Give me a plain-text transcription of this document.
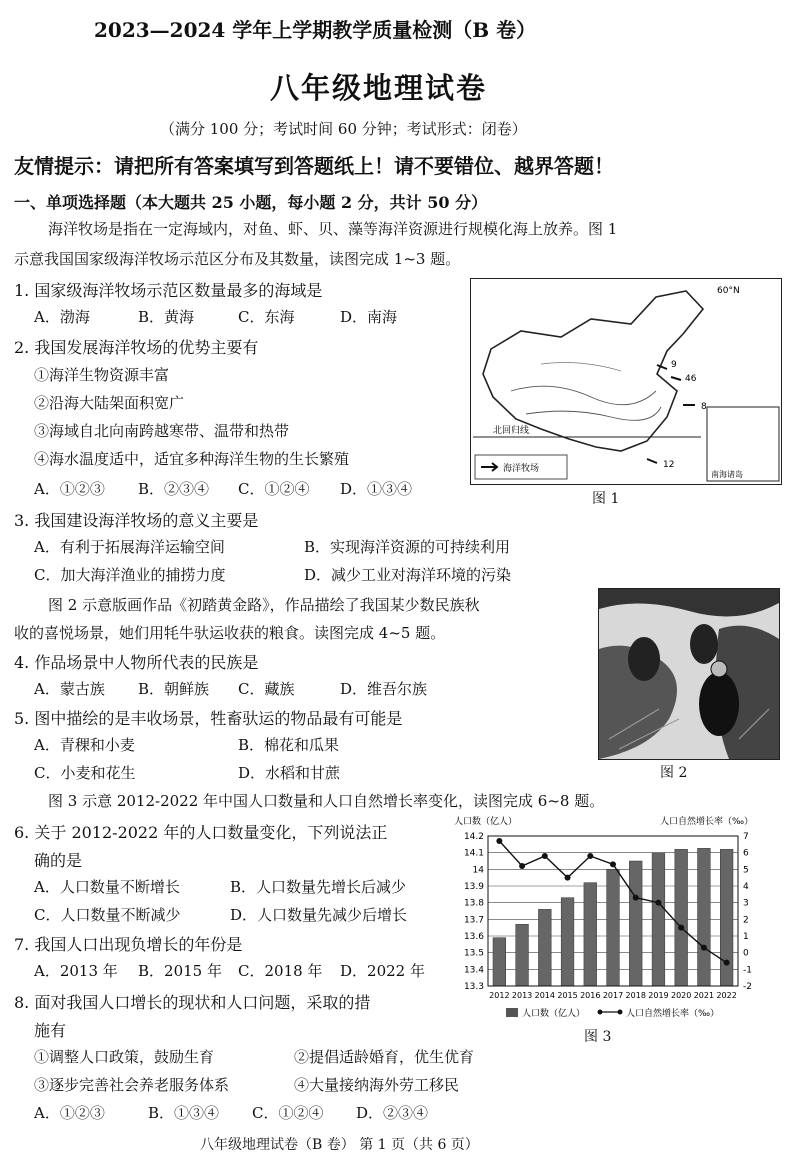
2023—2024 学年上学期教学质量检测（B 卷）
八年级地理试卷
（满分 100 分；考试时间 60 分钟；考试形式：闭卷）
友情提示：请把所有答案填写到答题纸上！请不要错位、越界答题！
一、单项选择题（本大题共 25 小题，每小题 2 分，共计 50 分）
海洋牧场是指在一定海域内，对鱼、虾、贝、藻等海洋资源进行规模化海上放养。图 1
示意我国国家级海洋牧场示范区分布及其数量，读图完成 1~3 题。
1. 国家级海洋牧场示范区数量最多的海域是
A．渤海	B．黄海	C．东海	D．南海
2. 我国发展海洋牧场的优势主要有
①海洋生物资源丰富
②沿海大陆架面积宽广
③海域自北向南跨越寒带、温带和热带
④海水温度适中，适宜多种海洋生物的生长繁殖
A．①②③ B．②③④ C．①②④ D．①③④
北回归线
60°N
9
46
8
12
南海诸岛
海洋牧场
图 1
3. 我国建设海洋牧场的意义主要是
A．有利于拓展海洋运输空间	B．实现海洋资源的可持续利用
C．加大海洋渔业的捕捞力度	D．减少工业对海洋环境的污染
图 2 示意版画作品《初踏黄金路》，作品描绘了我国某少数民族秋
收的喜悦场景，她们用牦牛驮运收获的粮食。读图完成 4~5 题。
图 2
4. 作品场景中人物所代表的民族是
A．蒙古族 B．朝鲜族 C．藏族	D．维吾尔族
5. 图中描绘的是丰收场景，牲畜驮运的物品最有可能是
A．青稞和小麦	B．棉花和瓜果
C．小麦和花生	D．水稻和甘蔗
图 3 示意 2012-2022 年中国人口数量和人口自然增长率变化，读图完成 6~8 题。
6. 关于 2012-2022 年的人口数量变化，下列说法正
确的是
A．人口数量不断增长	B．人口数量先增长后减少
C．人口数量不断减少	D．人口数量先减少后增长
7. 我国人口出现负增长的年份是
A．2013 年 B．2015 年 C．2018 年 D．2022 年
8. 面对我国人口增长的现状和人口问题，采取的措
施有
①调整人口政策，鼓励生育	②提倡适龄婚育，优生优育
③逐步完善社会养老服务体系	④大量接纳海外劳工移民
A．①②③	B．①③④ C．①②④ D．②③④
人口数（亿人）	人口自然增长率（‰）
14.2
14.1
14
13.9
13.8
13.7
13.6
13.5
13.4
13.3
7
6
5
4
3
2
1
0
-1
-2
2012 2013 2014 2015 2016 2017 2018 2019 2020 2021 2022
人口数（亿人）	人口自然增长率（‰）
图 3
八年级地理试卷（B 卷） 第 1 页（共 6 页）
